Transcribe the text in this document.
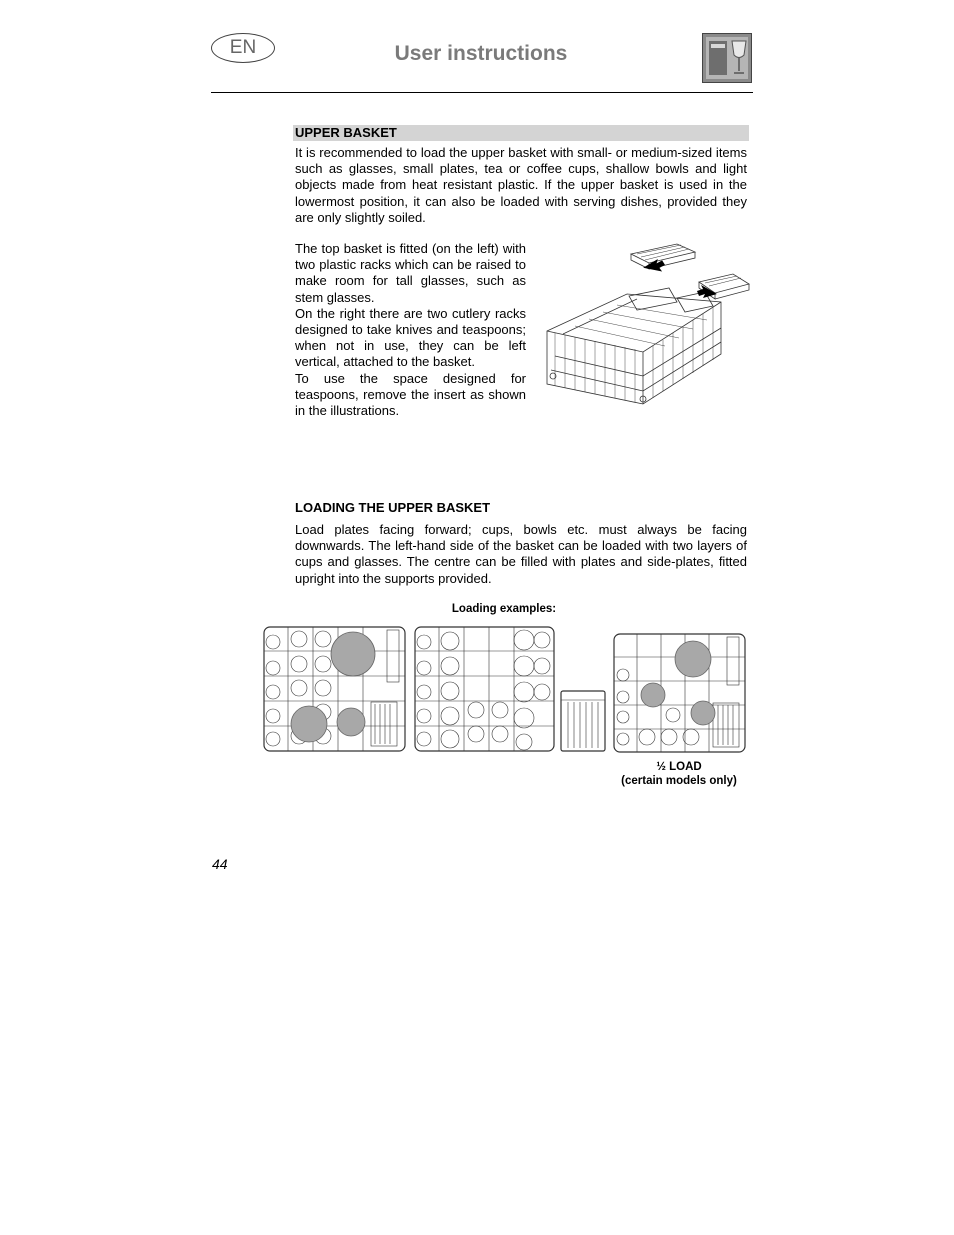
EN	User instructions
UPPER BASKET

It is recommended to load the upper basket with small- or medium-sized items such as glasses, small plates, tea or coffee cups, shallow bowls and light objects made from heat resistant plastic. If the upper basket is used in the lowermost position, it can also be loaded with serving dishes, provided they are only slightly soiled.

The top basket is fitted (on the left) with two plastic racks which can be raised to make room for tall glasses, such as stem glasses.

On the right there are two cutlery racks designed to take knives and teaspoons; when not in use, they can be left vertical, attached to the basket.

To use the space designed for teaspoons, remove the insert as shown in the illustrations.

LOADING THE UPPER BASKET

Load plates facing forward; cups, bowls etc. must always be facing downwards. The left-hand side of the basket can be loaded with two layers of cups and glasses. The centre can be filled with plates and side-plates, fitted upright into the supports provided.

Loading examples:
½ LOAD
(certain models only)
44
